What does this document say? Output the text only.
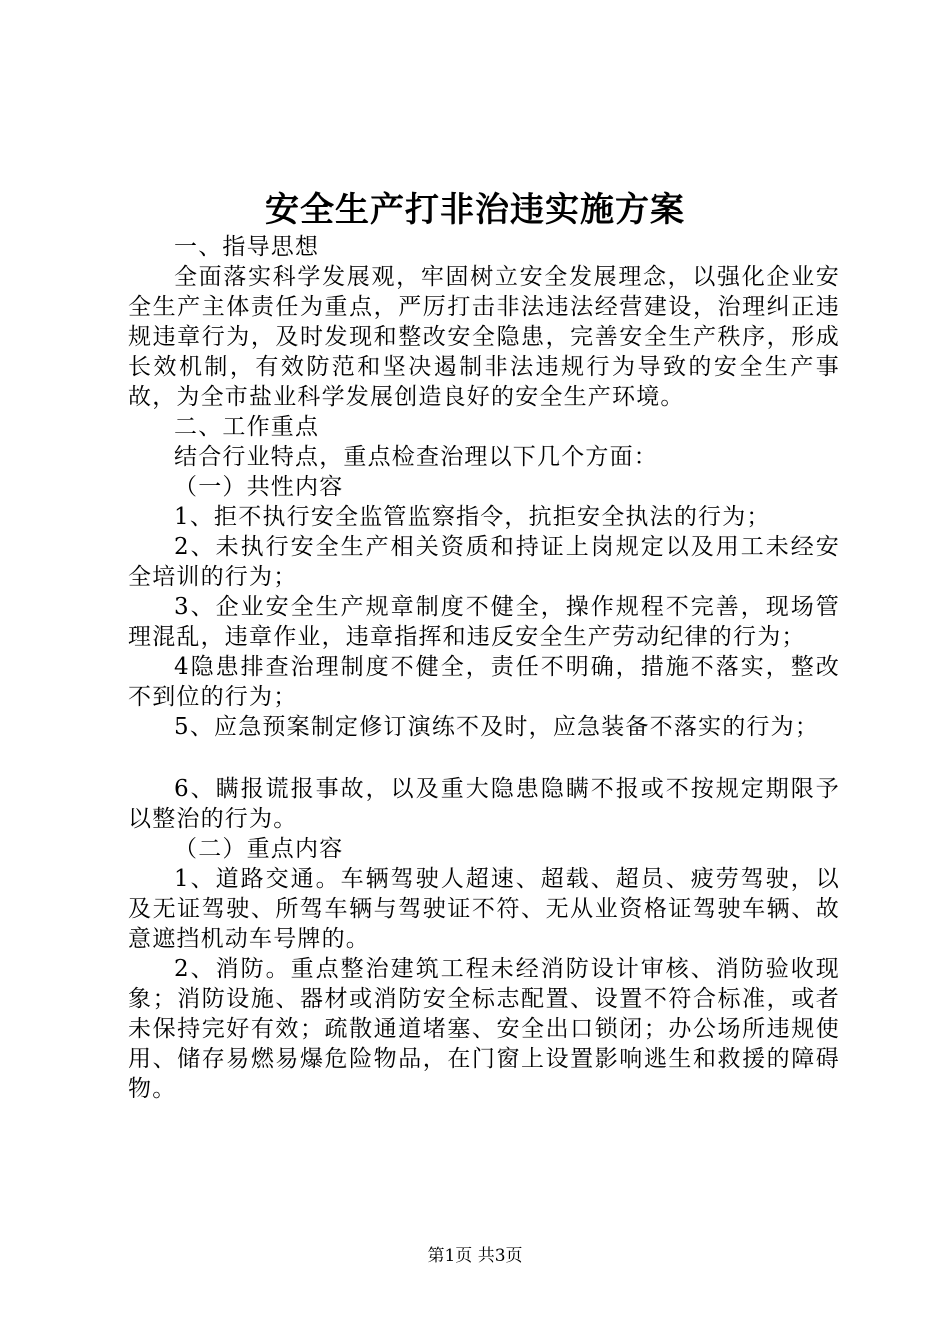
安全生产打非治违实施方案

一、指导思想

全面落实科学发展观，牢固树立安全发展理念，以强化企业安全生产主体责任为重点，严厉打击非法违法经营建设，治理纠正违规违章行为，及时发现和整改安全隐患，完善安全生产秩序，形成长效机制，有效防范和坚决遏制非法违规行为导致的安全生产事故，为全市盐业科学发展创造良好的安全生产环境。

二、工作重点

结合行业特点，重点检查治理以下几个方面：

（一）共性内容

1、拒不执行安全监管监察指令，抗拒安全执法的行为；

2、未执行安全生产相关资质和持证上岗规定以及用工未经安全培训的行为；

3、企业安全生产规章制度不健全，操作规程不完善，现场管理混乱，违章作业，违章指挥和违反安全生产劳动纪律的行为；

4隐患排查治理制度不健全，责任不明确，措施不落实，整改不到位的行为；

5、应急预案制定修订演练不及时，应急装备不落实的行为；

6、瞒报谎报事故，以及重大隐患隐瞒不报或不按规定期限予以整治的行为。

（二）重点内容

1、道路交通。车辆驾驶人超速、超载、超员、疲劳驾驶，以及无证驾驶、所驾车辆与驾驶证不符、无从业资格证驾驶车辆、故意遮挡机动车号牌的。

2、消防。重点整治建筑工程未经消防设计审核、消防验收现象；消防设施、器材或消防安全标志配置、设置不符合标准，或者未保持完好有效；疏散通道堵塞、安全出口锁闭；办公场所违规使用、储存易燃易爆危险物品，在门窗上设置影响逃生和救援的障碍物。

第1页 共3页
